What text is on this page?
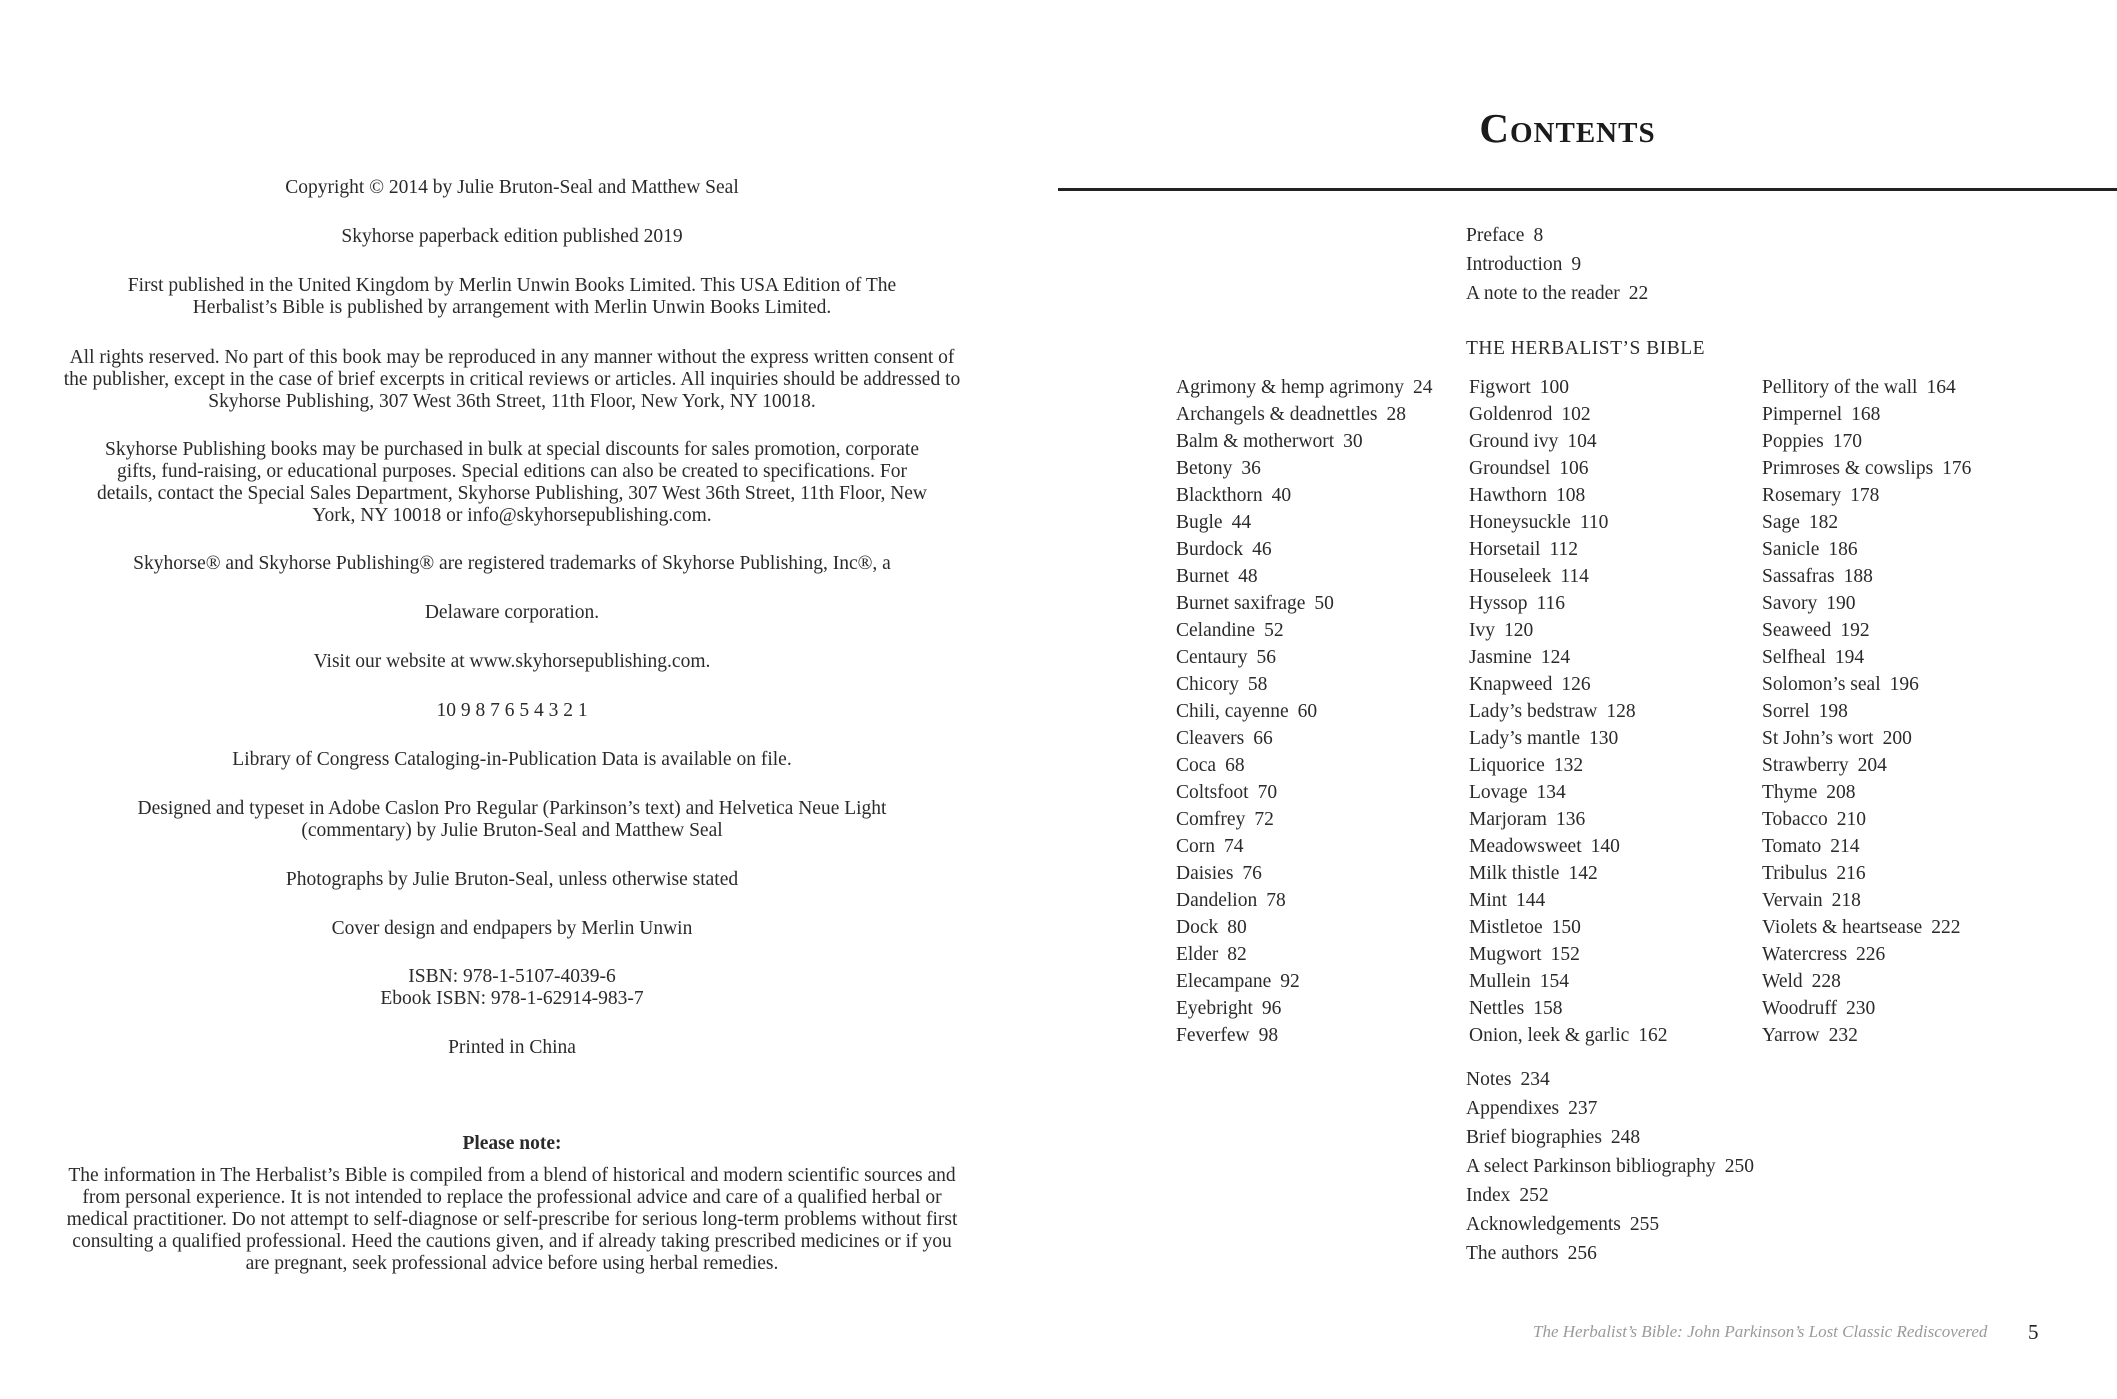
Copyright © 2014 by Julie Bruton-Seal and Matthew Seal
Skyhorse paperback edition published 2019
First published in the United Kingdom by Merlin Unwin Books Limited. This USA Edition of The Herbalist’s Bible is published by arrangement with Merlin Unwin Books Limited.
All rights reserved. No part of this book may be reproduced in any manner without the express written consent of the publisher, except in the case of brief excerpts in critical reviews or articles. All inquiries should be addressed to Skyhorse Publishing, 307 West 36th Street, 11th Floor, New York, NY 10018.
Skyhorse Publishing books may be purchased in bulk at special discounts for sales promotion, corporate gifts, fund-raising, or educational purposes. Special editions can also be created to specifications. For details, contact the Special Sales Department, Skyhorse Publishing, 307 West 36th Street, 11th Floor, New York, NY 10018 or info@skyhorsepublishing.com.
Skyhorse® and Skyhorse Publishing® are registered trademarks of Skyhorse Publishing, Inc®, a
Delaware corporation.
Visit our website at www.skyhorsepublishing.com.
10 9 8 7 6 5 4 3 2 1
Library of Congress Cataloging-in-Publication Data is available on file.
Designed and typeset in Adobe Caslon Pro Regular (Parkinson’s text) and Helvetica Neue Light (commentary) by Julie Bruton-Seal and Matthew Seal
Photographs by Julie Bruton-Seal, unless otherwise stated
Cover design and endpapers by Merlin Unwin
ISBN: 978-1-5107-4039-6
Ebook ISBN: 978-1-62914-983-7
Printed in China
Please note:
The information in The Herbalist’s Bible is compiled from a blend of historical and modern scientific sources and from personal experience. It is not intended to replace the professional advice and care of a qualified herbal or medical practitioner. Do not attempt to self-diagnose or self-prescribe for serious long-term problems without first consulting a qualified professional. Heed the cautions given, and if already taking prescribed medicines or if you are pregnant, seek professional advice before using herbal remedies.
Contents
Preface 8
Introduction 9
A note to the reader 22
THE HERBALIST’S BIBLE
Agrimony & hemp agrimony 24
Archangels & deadnettles 28
Balm & motherwort 30
Betony 36
Blackthorn 40
Bugle 44
Burdock 46
Burnet 48
Burnet saxifrage 50
Celandine 52
Centaury 56
Chicory 58
Chili, cayenne 60
Cleavers 66
Coca 68
Coltsfoot 70
Comfrey 72
Corn 74
Daisies 76
Dandelion 78
Dock 80
Elder 82
Elecampane 92
Eyebright 96
Feverfew 98
Figwort 100
Goldenrod 102
Ground ivy 104
Groundsel 106
Hawthorn 108
Honeysuckle 110
Horsetail 112
Houseleek 114
Hyssop 116
Ivy 120
Jasmine 124
Knapweed 126
Lady’s bedstraw 128
Lady’s mantle 130
Liquorice 132
Lovage 134
Marjoram 136
Meadowsweet 140
Milk thistle 142
Mint 144
Mistletoe 150
Mugwort 152
Mullein 154
Nettles 158
Onion, leek & garlic 162
Pellitory of the wall 164
Pimpernel 168
Poppies 170
Primroses & cowslips 176
Rosemary 178
Sage 182
Sanicle 186
Sassafras 188
Savory 190
Seaweed 192
Selfheal 194
Solomon’s seal 196
Sorrel 198
St John’s wort 200
Strawberry 204
Thyme 208
Tobacco 210
Tomato 214
Tribulus 216
Vervain 218
Violets & heartsease 222
Watercress 226
Weld 228
Woodruff 230
Yarrow 232
Notes 234
Appendixes 237
Brief biographies 248
A select Parkinson bibliography 250
Index 252
Acknowledgements 255
The authors 256
The Herbalist’s Bible: John Parkinson’s Lost Classic Rediscovered 5
